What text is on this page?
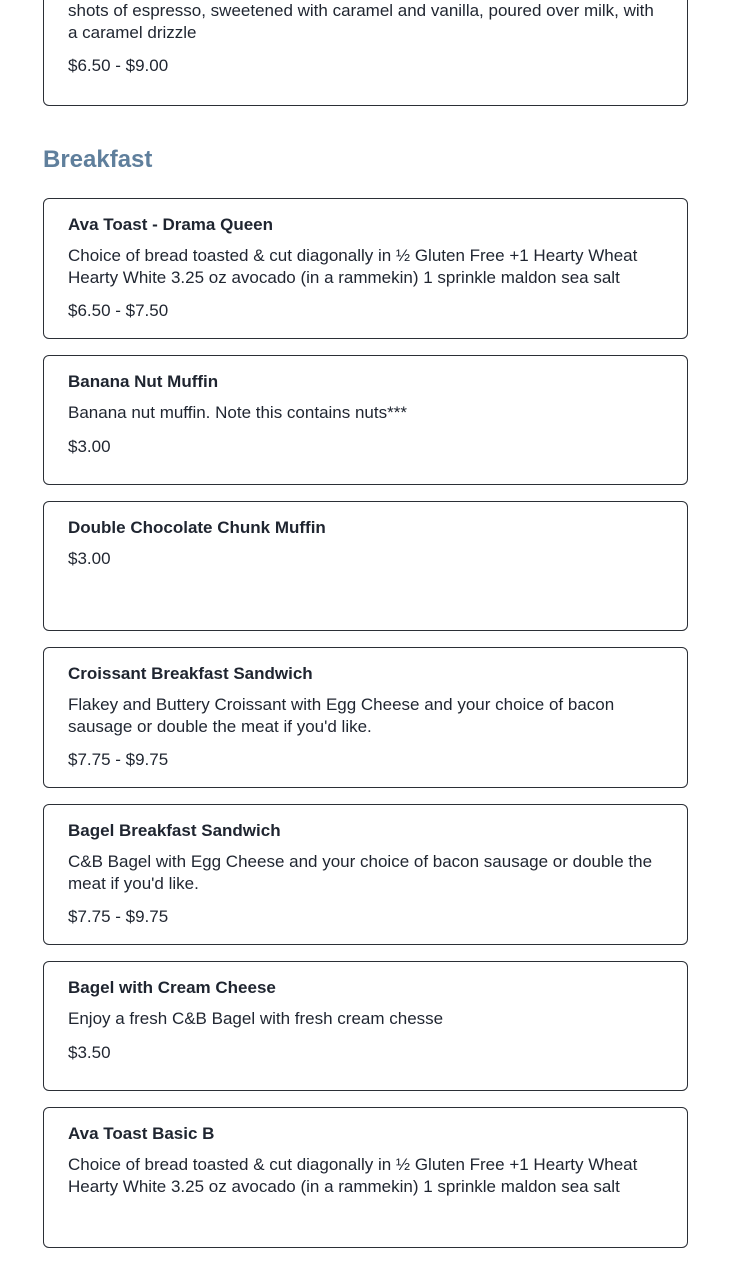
shots of espresso, sweetened with caramel and vanilla, poured over milk, with a caramel drizzle

$6.50 - $9.00

Breakfast

Ava Toast - Drama Queen

Choice of bread toasted & cut diagonally in ½ Gluten Free +1 Hearty Wheat Hearty White 3.25 oz avocado (in a rammekin) 1 sprinkle maldon sea salt

$6.50 - $7.50

Banana Nut Muffin

Banana nut muffin. Note this contains nuts***

$3.00

Double Chocolate Chunk Muffin

$3.00

Croissant Breakfast Sandwich

Flakey and Buttery Croissant with Egg Cheese and your choice of bacon sausage or double the meat if you'd like.

$7.75 - $9.75

Bagel Breakfast Sandwich

C&B Bagel with Egg Cheese and your choice of bacon sausage or double the meat if you'd like.

$7.75 - $9.75

Bagel with Cream Cheese

Enjoy a fresh C&B Bagel with fresh cream chesse

$3.50

Ava Toast Basic B

Choice of bread toasted & cut diagonally in ½ Gluten Free +1 Hearty Wheat Hearty White 3.25 oz avocado (in a rammekin) 1 sprinkle maldon sea salt
